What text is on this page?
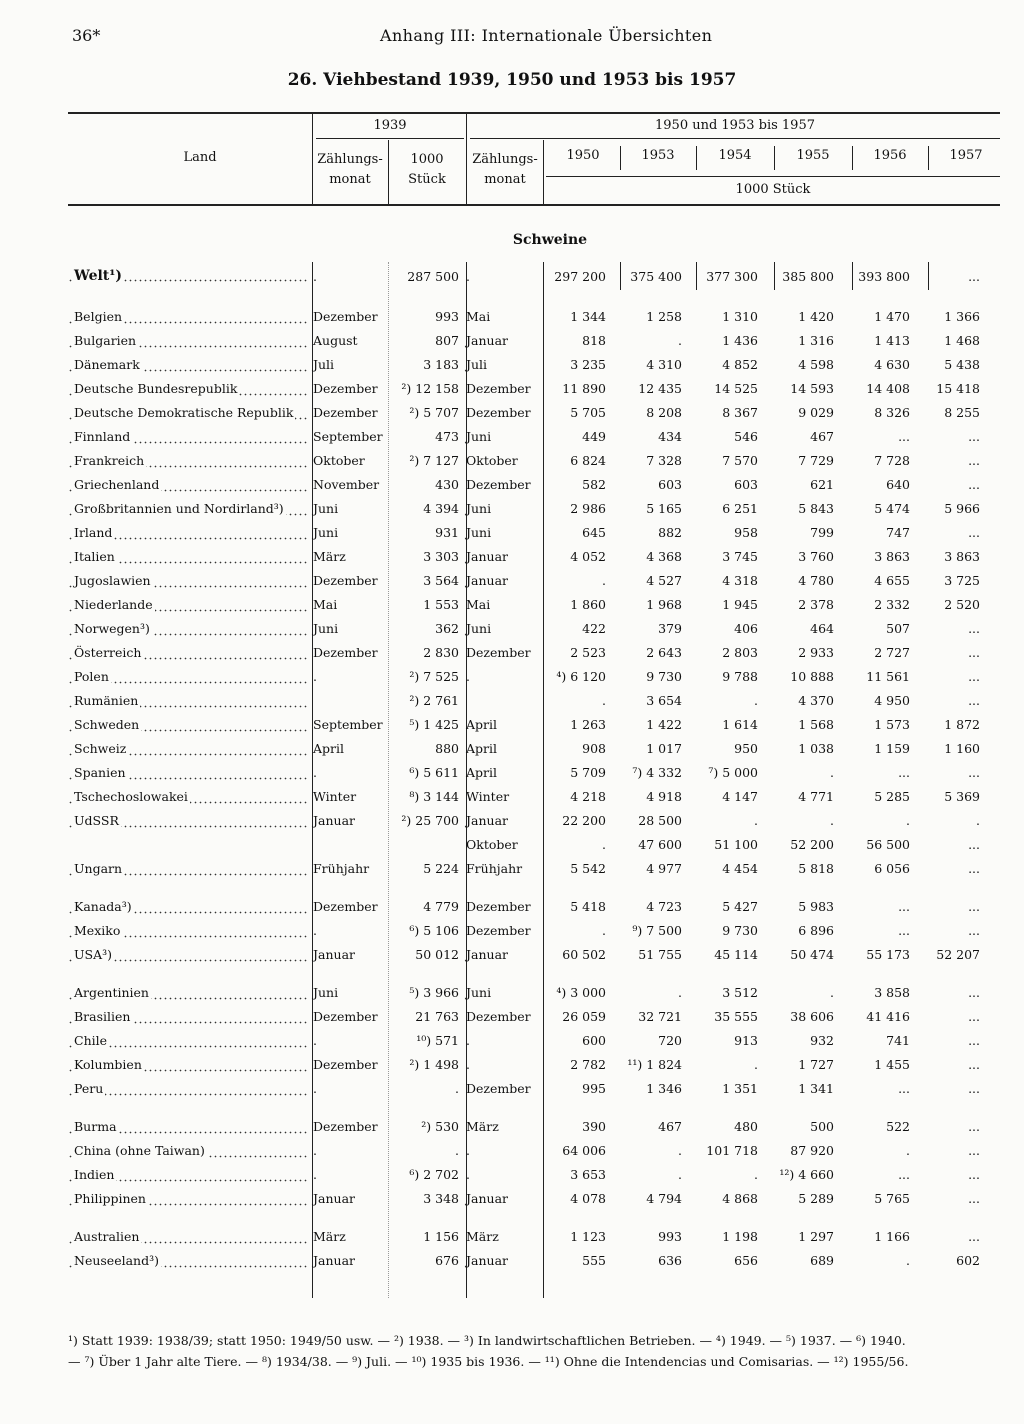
36*	Anhang III: Internationale Übersichten
26. Viehbestand 1939, 1950 und 1953 bis 1957
Land
1939
Zählungs-
monat
1000
Stück
1950 und 1953 bis 1957
Zählungs-
monat
1950	1953	1954	1955	1956	1957
1000 Stück
Schweine
Welt¹)	.	287 500	.	297 200	375 400	377 300	385 800	393 800	...

Belgien	Dezember	993	Mai	1 344	1 258	1 310	1 420	1 470	1 366
Bulgarien	August	807	Januar	818	.	1 436	1 316	1 413	1 468
Dänemark	Juli	3 183	Juli	3 235	4 310	4 852	4 598	4 630	5 438
Deutsche Bundesrepublik	Dezember	²) 12 158	Dezember	11 890	12 435	14 525	14 593	14 408	15 418
Deutsche Demokratische Republik	Dezember	²) 5 707	Dezember	5 705	8 208	8 367	9 029	8 326	8 255
Finnland	September	473	Juni	449	434	546	467	...	...
Frankreich	Oktober	²) 7 127	Oktober	6 824	7 328	7 570	7 729	7 728	...
Griechenland	November	430	Dezember	582	603	603	621	640	...
Großbritannien und Nordirland³)	Juni	4 394	Juni	2 986	5 165	6 251	5 843	5 474	5 966
Irland	Juni	931	Juni	645	882	958	799	747	...
Italien	März	3 303	Januar	4 052	4 368	3 745	3 760	3 863	3 863
Jugoslawien	Dezember	3 564	Januar	.	4 527	4 318	4 780	4 655	3 725
Niederlande	Mai	1 553	Mai	1 860	1 968	1 945	2 378	2 332	2 520
Norwegen³)	Juni	362	Juni	422	379	406	464	507	...
Österreich	Dezember	2 830	Dezember	2 523	2 643	2 803	2 933	2 727	...
Polen	.	²) 7 525	.	⁴) 6 120	9 730	9 788	10 888	11 561	...
Rumänien		²) 2 761		.	3 654	.	4 370	4 950	...
Schweden	September	⁵) 1 425	April	1 263	1 422	1 614	1 568	1 573	1 872
Schweiz	April	880	April	908	1 017	950	1 038	1 159	1 160
Spanien	.	⁶) 5 611	April	5 709	⁷) 4 332	⁷) 5 000	.	...	...
Tschechoslowakei	Winter	⁸) 3 144	Winter	4 218	4 918	4 147	4 771	5 285	5 369
UdSSR	Januar	²) 25 700	Januar	22 200	28 500	.	.	.	.
			Oktober	.	47 600	51 100	52 200	56 500	...
Ungarn	Frühjahr	5 224	Frühjahr	5 542	4 977	4 454	5 818	6 056	...

Kanada³)	Dezember	4 779	Dezember	5 418	4 723	5 427	5 983	...	...
Mexiko	.	⁶) 5 106	Dezember	.	⁹) 7 500	9 730	6 896	...	...
USA³)	Januar	50 012	Januar	60 502	51 755	45 114	50 474	55 173	52 207

Argentinien	Juni	⁵) 3 966	Juni	⁴) 3 000	.	3 512	.	3 858	...
Brasilien	Dezember	21 763	Dezember	26 059	32 721	35 555	38 606	41 416	...
Chile	.	¹⁰) 571	.	600	720	913	932	741	...
Kolumbien	Dezember	²) 1 498	.	2 782	¹¹) 1 824	.	1 727	1 455	...
Peru	.	.	Dezember	995	1 346	1 351	1 341	...	...

Burma	Dezember	²) 530	März	390	467	480	500	522	...
China (ohne Taiwan)	.	.	.	64 006	.	101 718	87 920	.	...
Indien	.	⁶) 2 702	.	3 653	.	.	¹²) 4 660	...	...
Philippinen	Januar	3 348	Januar	4 078	4 794	4 868	5 289	5 765	...

Australien	März	1 156	März	1 123	993	1 198	1 297	1 166	...
Neuseeland³)	Januar	676	Januar	555	636	656	689	.	602
¹) Statt 1939: 1938/39; statt 1950: 1949/50 usw. — ²) 1938. — ³) In landwirtschaftlichen Betrieben. — ⁴) 1949. — ⁵) 1937. — ⁶) 1940.
— ⁷) Über 1 Jahr alte Tiere. — ⁸) 1934/38. — ⁹) Juli. — ¹⁰) 1935 bis 1936. — ¹¹) Ohne die Intendencias und Comisarias. — ¹²) 1955/56.
